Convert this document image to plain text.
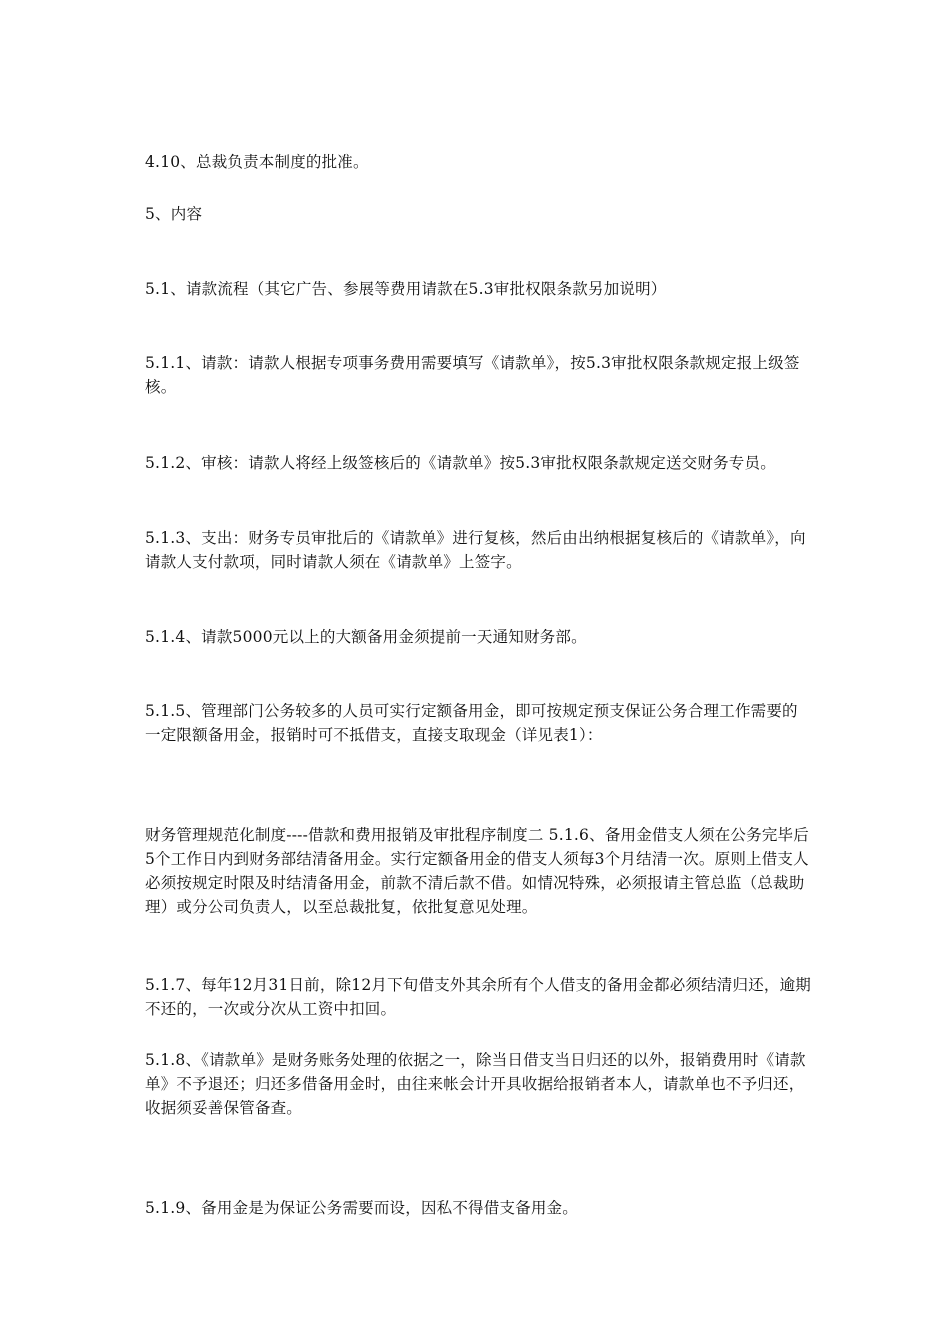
4.10、总裁负责本制度的批准。

5、内容

5.1、请款流程（其它广告、参展等费用请款在5.3审批权限条款另加说明）

5.1.1、请款：请款人根据专项事务费用需要填写《请款单》，按5.3审批权限条款规定报上级签核。

5.1.2、审核：请款人将经上级签核后的《请款单》按5.3审批权限条款规定送交财务专员。

5.1.3、支出：财务专员审批后的《请款单》进行复核，然后由出纳根据复核后的《请款单》，向请款人支付款项，同时请款人须在《请款单》上签字。

5.1.4、请款5000元以上的大额备用金须提前一天通知财务部。

5.1.5、管理部门公务较多的人员可实行定额备用金，即可按规定预支保证公务合理工作需要的一定限额备用金，报销时可不抵借支，直接支取现金（详见表1）：

财务管理规范化制度----借款和费用报销及审批程序制度二 5.1.6、备用金借支人须在公务完毕后5个工作日内到财务部结清备用金。实行定额备用金的借支人须每3个月结清一次。原则上借支人必须按规定时限及时结清备用金，前款不清后款不借。如情况特殊，必须报请主管总监（总裁助理）或分公司负责人，以至总裁批复，依批复意见处理。

5.1.7、每年12月31日前，除12月下旬借支外其余所有个人借支的备用金都必须结清归还，逾期不还的，一次或分次从工资中扣回。

5.1.8、《请款单》是财务账务处理的依据之一，除当日借支当日归还的以外，报销费用时《请款单》不予退还；归还多借备用金时，由往来帐会计开具收据给报销者本人，请款单也不予归还，收据须妥善保管备查。

5.1.9、备用金是为保证公务需要而设，因私不得借支备用金。
